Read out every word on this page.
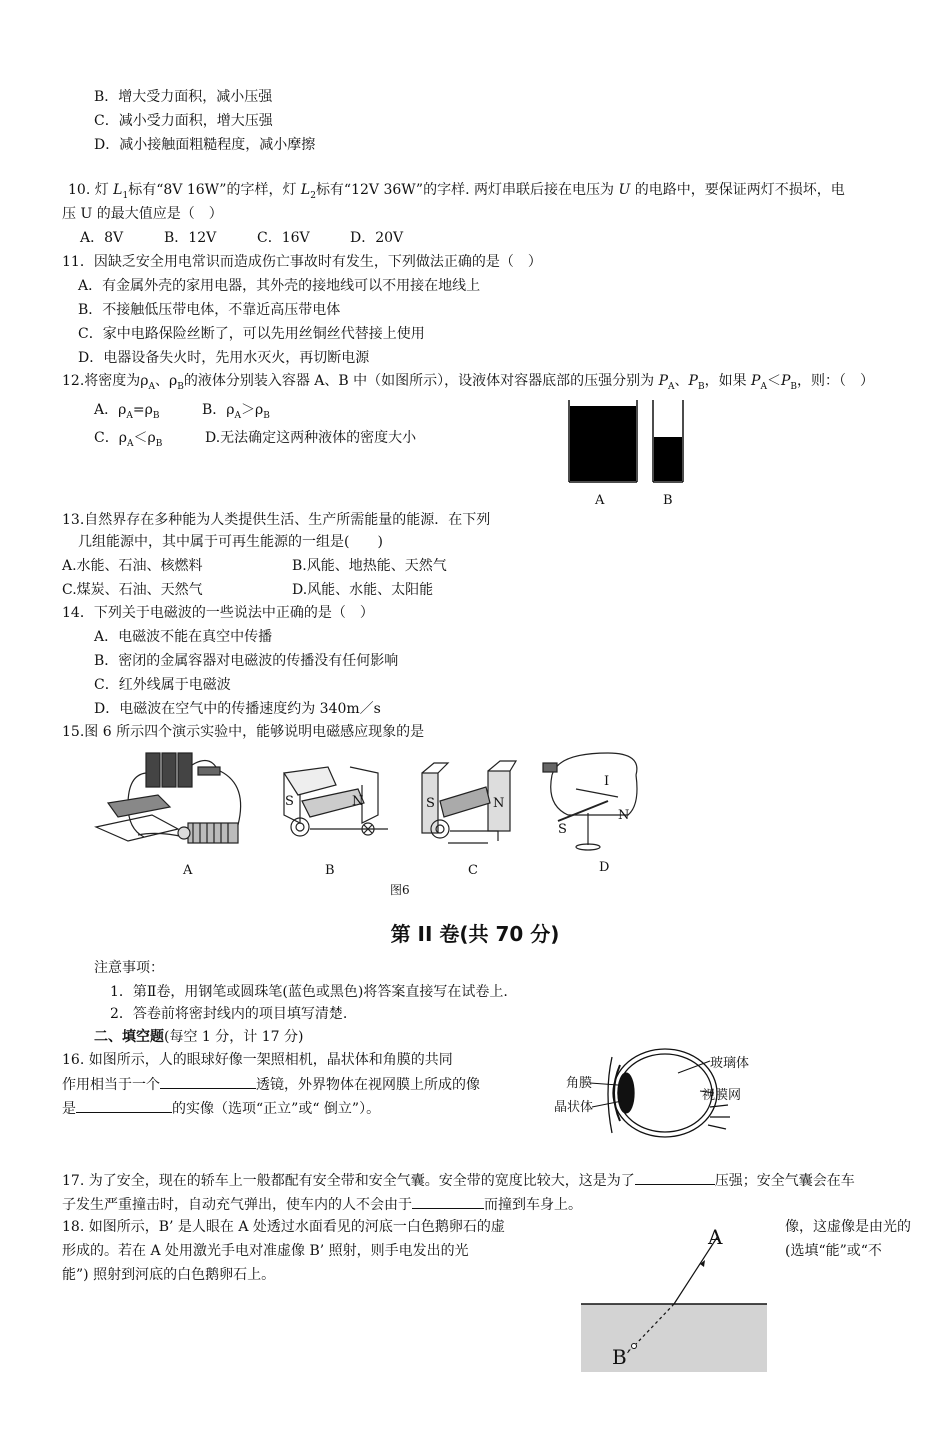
B．增大受力面积，减小压强
C．减小受力面积，增大压强
D．减小接触面粗糙程度，减小摩擦
10. 灯 $L_1$标有“8V 16W”的字样，灯 $L_2$标有“12V 36W”的字样. 两灯串联后接在电压为 U 的电路中，要保证两灯不损坏，电
压 U 的最大值应是（　）
A．8V	B．12V	C．16V	D．20V
11．因缺乏安全用电常识而造成伤亡事故时有发生，下列做法正确的是（　）
A．有金属外壳的家用电器，其外壳的接地线可以不用接在地线上
B．不接触低压带电体，不靠近高压带电体
C．家中电路保险丝断了，可以先用丝铜丝代替接上使用
D．电器设备失火时，先用水灭火，再切断电源
12.将密度为$\rho_A$、$\rho_B$的液体分别装入容器 A、B 中（如图所示），设液体对容器底部的压强分别为 $P_A$、$P_B$，如果 $P_A<P_B$，则：（　）
A．$\rho_A=\rho_B$	B．$\rho_A>\rho_B$
C．$\rho_A<\rho_B$	D.无法确定这两种液体的密度大小
A	B
13.自然界存在多种能为人类提供生活、生产所需能量的能源．在下列
几组能源中，其中属于可再生能源的一组是(　　)
A.水能、石油、核燃料	B.风能、地热能、天然气
C.煤炭、石油、天然气	D.风能、水能、太阳能
14．下列关于电磁波的一些说法中正确的是（　）
A．电磁波不能在真空中传播
B．密闭的金属容器对电磁波的传播没有任何影响
C．红外线属于电磁波
D．电磁波在空气中的传播速度约为 340m／s
15.图 6 所示四个演示实验中，能够说明电磁感应现象的是
A
S	N
B
S	N
C
I
S
N
D
图6
第 II 卷(共 70 分)
注意事项：
1．第Ⅱ卷，用钢笔或圆珠笔(蓝色或黑色)将答案直接写在试卷上.
2．答卷前将密封线内的项目填写清楚.
二、填空题(每空 1 分，计 17 分)
16. 如图所示，人的眼球好像一架照相机，晶状体和角膜的共同
作用相当于一个	透镜，外界物体在视网膜上所成的像
是	的实像（选项“正立”或“ 倒立”）。
玻璃体
角膜
视膜网
晶状体
17. 为了安全，现在的轿车上一般都配有安全带和安全气囊。安全带的宽度比较大，这是为了	压强；安全气囊会在车
子发生严重撞击时，自动充气弹出，使车内的人不会由于	而撞到车身上。
18. 如图所示，B’ 是人眼在 A 处透过水面看见的河底一白色鹅卵石的虚	像，这虚像是由光的
形成的。若在 A 处用激光手电对准虚像 B’ 照射，则手电发出的光	(选填“能”或“不
能”) 照射到河底的白色鹅卵石上。
A
B′
